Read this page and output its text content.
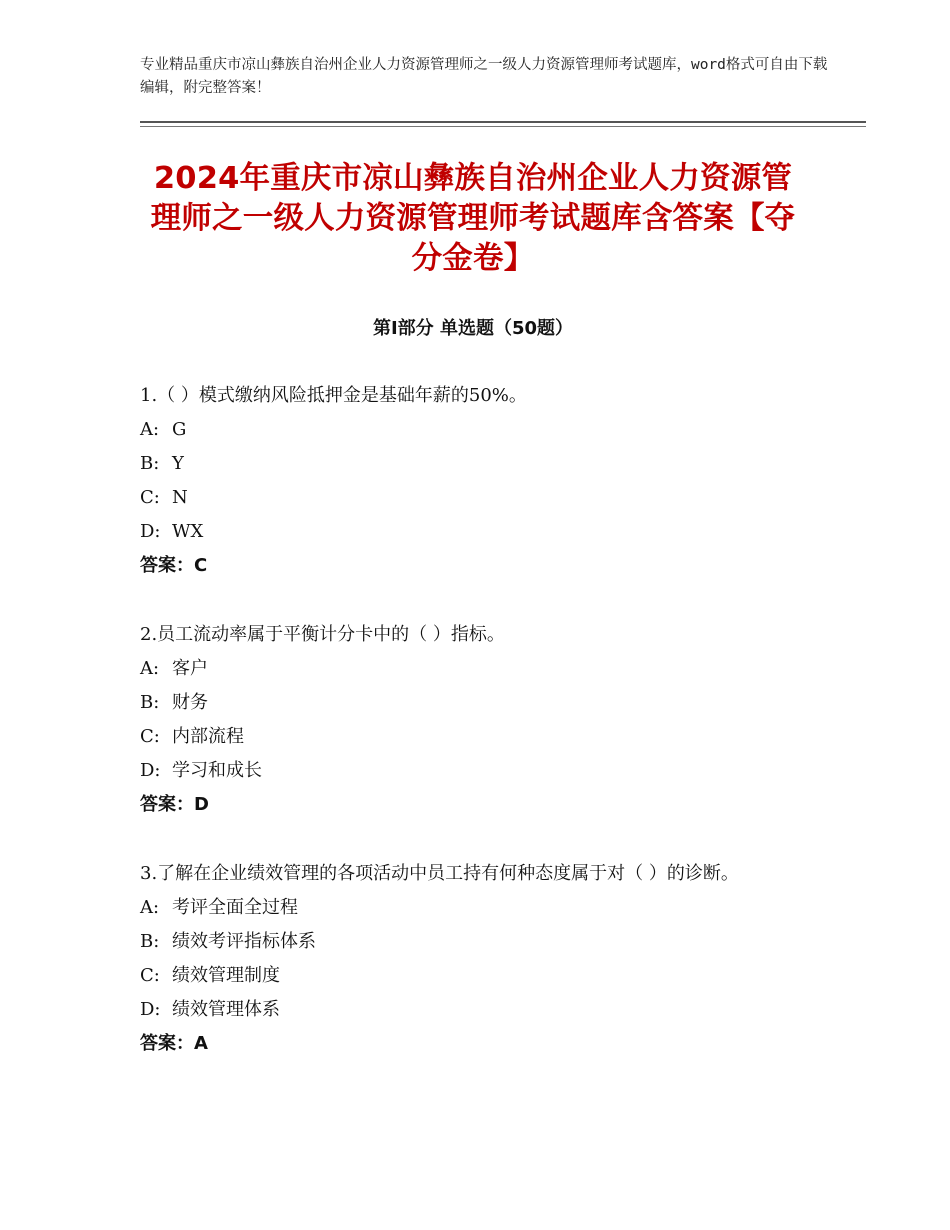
专业精品重庆市凉山彝族自治州企业人力资源管理师之一级人力资源管理师考试题库，word格式可自由下载编辑，附完整答案！
2024年重庆市凉山彝族自治州企业人力资源管理师之一级人力资源管理师考试题库含答案【夺分金卷】
第Ⅰ部分 单选题（50题）

1.（ ）模式缴纳风险抵押金是基础年薪的50%。

A: G

B: Y

C: N

D: WX

答案：C

2.员工流动率属于平衡计分卡中的（ ）指标。

A: 客户

B: 财务

C: 内部流程

D: 学习和成长

答案：D

3.了解在企业绩效管理的各项活动中员工持有何种态度属于对（ ）的诊断。

A: 考评全面全过程

B: 绩效考评指标体系

C: 绩效管理制度

D: 绩效管理体系

答案：A
